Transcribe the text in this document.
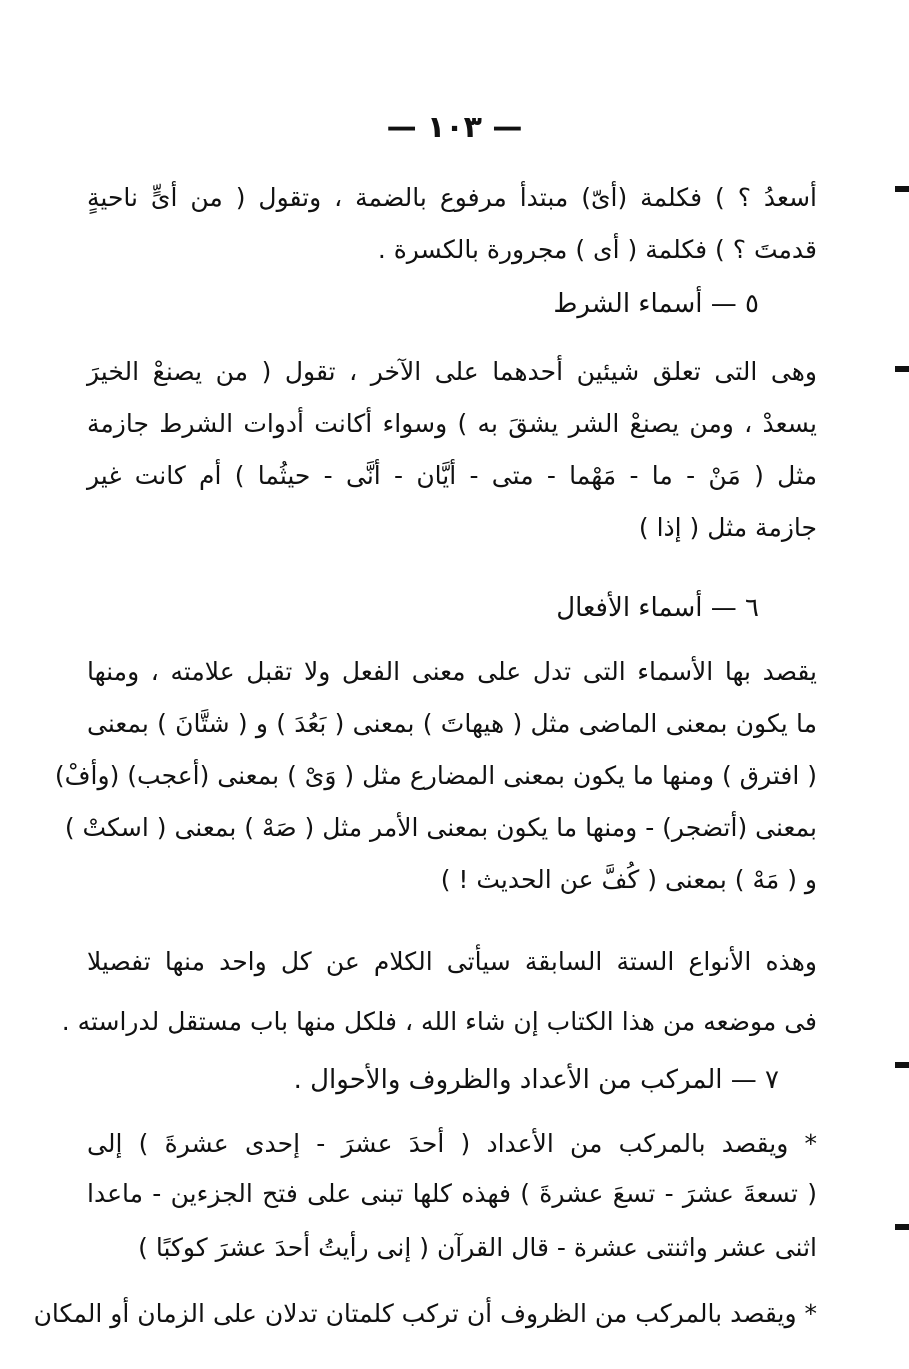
— ١٠٣ —
أسعدُ ؟ ) فكلمة (أىّ) مبتدأ مرفوع بالضمة ، وتقول ( من أىٍّ ناحيةٍ
قدمتَ ؟ ) فكلمة ( أى ) مجرورة بالكسرة .
٥ — أسماء الشرط
وهى التى تعلق شيئين أحدهما على الآخر ، تقول ( من يصنعْ الخيرَ
يسعدْ ، ومن يصنعْ الشر يشقَ به ) وسواء أكانت أدوات الشرط جازمة
مثل ( مَنْ - ما - مَهْما - متى - أيَّان - أنَّى - حيثُما ) أم كانت غير
جازمة مثل ( إذا )
٦ — أسماء الأفعال
يقصد بها الأسماء التى تدل على معنى الفعل ولا تقبل علامته ، ومنها
ما يكون بمعنى الماضى مثل ( هيهاتَ ) بمعنى ( بَعُدَ ) و ( شتَّانَ ) بمعنى
( افترق ) ومنها ما يكون بمعنى المضارع مثل ( وَىْ ) بمعنى (أعجب) (وأفْ)
بمعنى (أتضجر) - ومنها ما يكون بمعنى الأمر مثل ( صَهْ ) بمعنى ( اسكتْ )
و ( مَهْ ) بمعنى ( كُفَّ عن الحديث ! )
وهذه الأنواع الستة السابقة سيأتى الكلام عن كل واحد منها تفصيلا
فى موضعه من هذا الكتاب إن شاء الله ، فلكل منها باب مستقل لدراسته .
٧ — المركب من الأعداد والظروف والأحوال .
* ويقصد بالمركب من الأعداد ( أحدَ عشرَ - إحدى عشرةَ ) إلى
( تسعةَ عشرَ - تسعَ عشرةَ ) فهذه كلها تبنى على فتح الجزءين - ماعدا
اثنى عشر واثنتى عشرة - قال القرآن ( إنى رأيتُ أحدَ عشرَ كوكبًا )
* ويقصد بالمركب من الظروف أن تركب كلمتان تدلان على الزمان أو المكان
